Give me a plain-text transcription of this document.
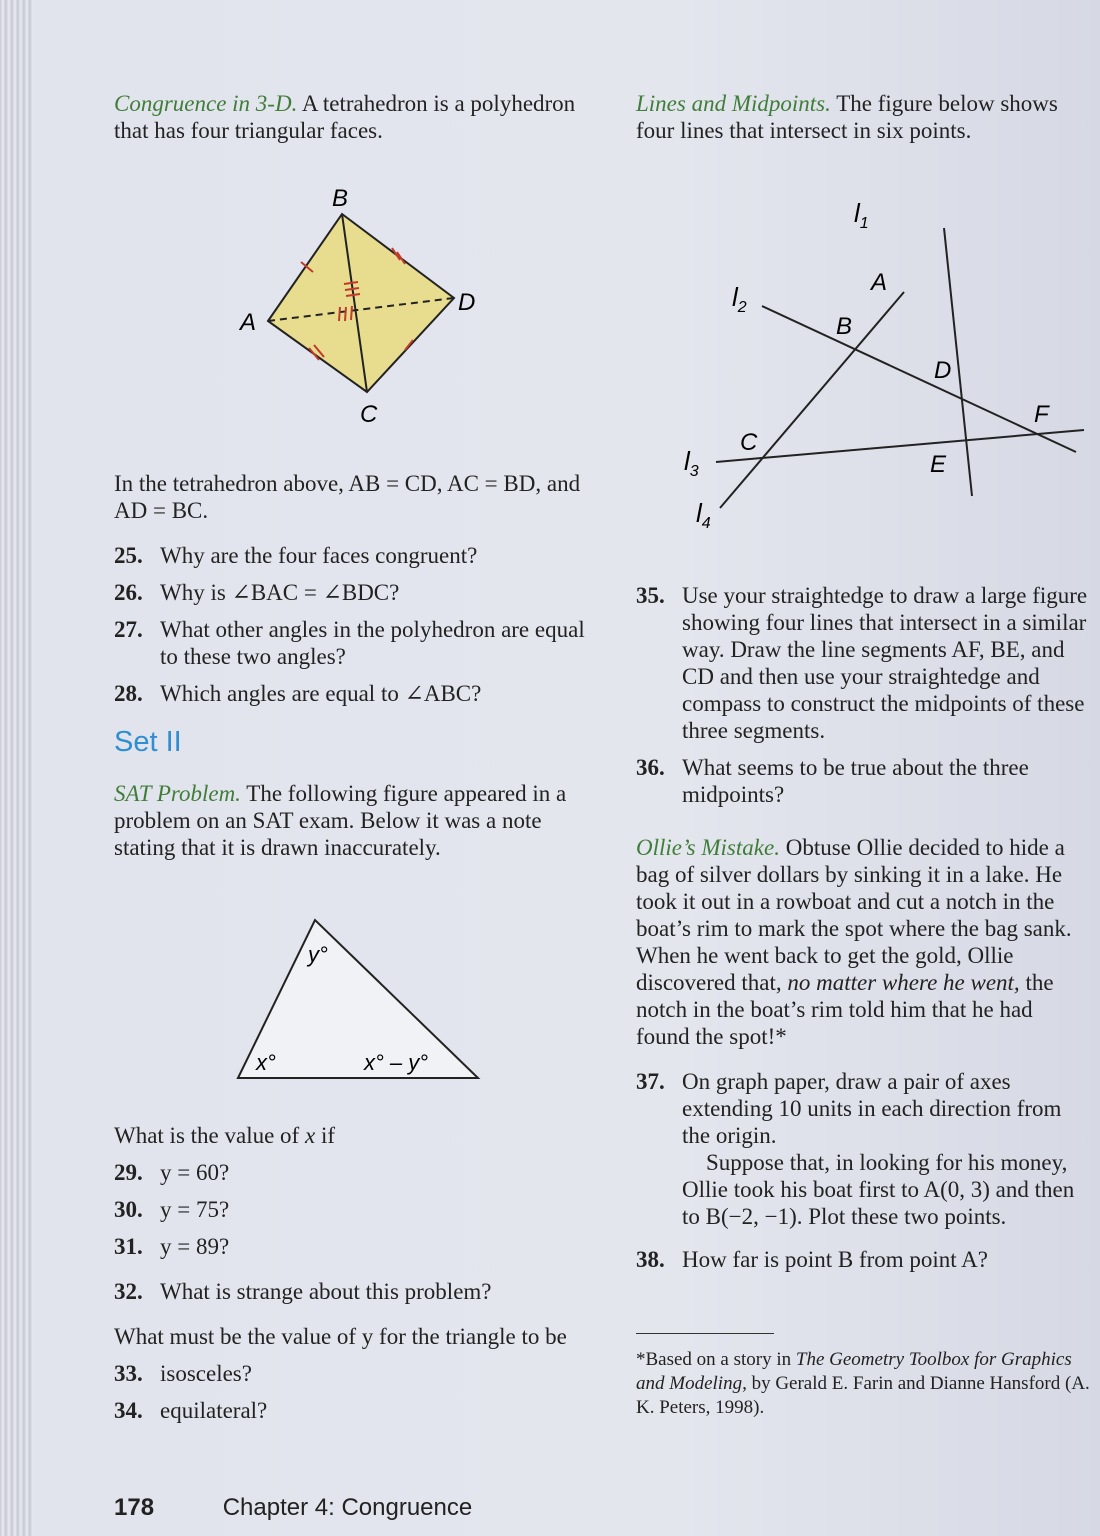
Congruence in 3-D. A tetrahedron is a polyhedron that has four triangular faces.

A
B
C
D

In the tetrahedron above, AB = CD, AC = BD, and AD = BC.

25. Why are the four faces congruent?
26. Why is ∠BAC = ∠BDC?
27. What other angles in the polyhedron are equal to these two angles?
28. Which angles are equal to ∠ABC?
Set II

SAT Problem. The following figure appeared in a problem on an SAT exam. Below it was a note stating that it is drawn inaccurately.

y°
x°	x° – y°

What is the value of x if

29. y = 60?
30. y = 75?
31. y = 89?
32. What is strange about this problem?

What must be the value of y for the triangle to be

33. isosceles?
34. equilateral?

Lines and Midpoints. The figure below shows four lines that intersect in six points.

$l_1$
$l_2$
$l_3$
$l_4$
A
B
C
D
E
F
35. Use your straightedge to draw a large figure showing four lines that intersect in a similar way. Draw the line segments AF, BE, and CD and then use your straightedge and compass to construct the midpoints of these three segments.
36. What seems to be true about the three midpoints?

Ollie’s Mistake. Obtuse Ollie decided to hide a bag of silver dollars by sinking it in a lake. He took it out in a rowboat and cut a notch in the boat’s rim to mark the spot where the bag sank. When he went back to get the gold, Ollie discovered that, no matter where he went, the notch in the boat’s rim told him that he had found the spot!*

37. On graph paper, draw a pair of axes extending 10 units in each direction from the origin.
Suppose that, in looking for his money, Ollie took his boat first to A(0, 3) and then to B(−2, −1). Plot these two points.
38. How far is point B from point A?

*Based on a story in The Geometry Toolbox for Graphics and Modeling, by Gerald E. Farin and Dianne Hansford (A. K. Peters, 1998).

178	Chapter 4: Congruence
